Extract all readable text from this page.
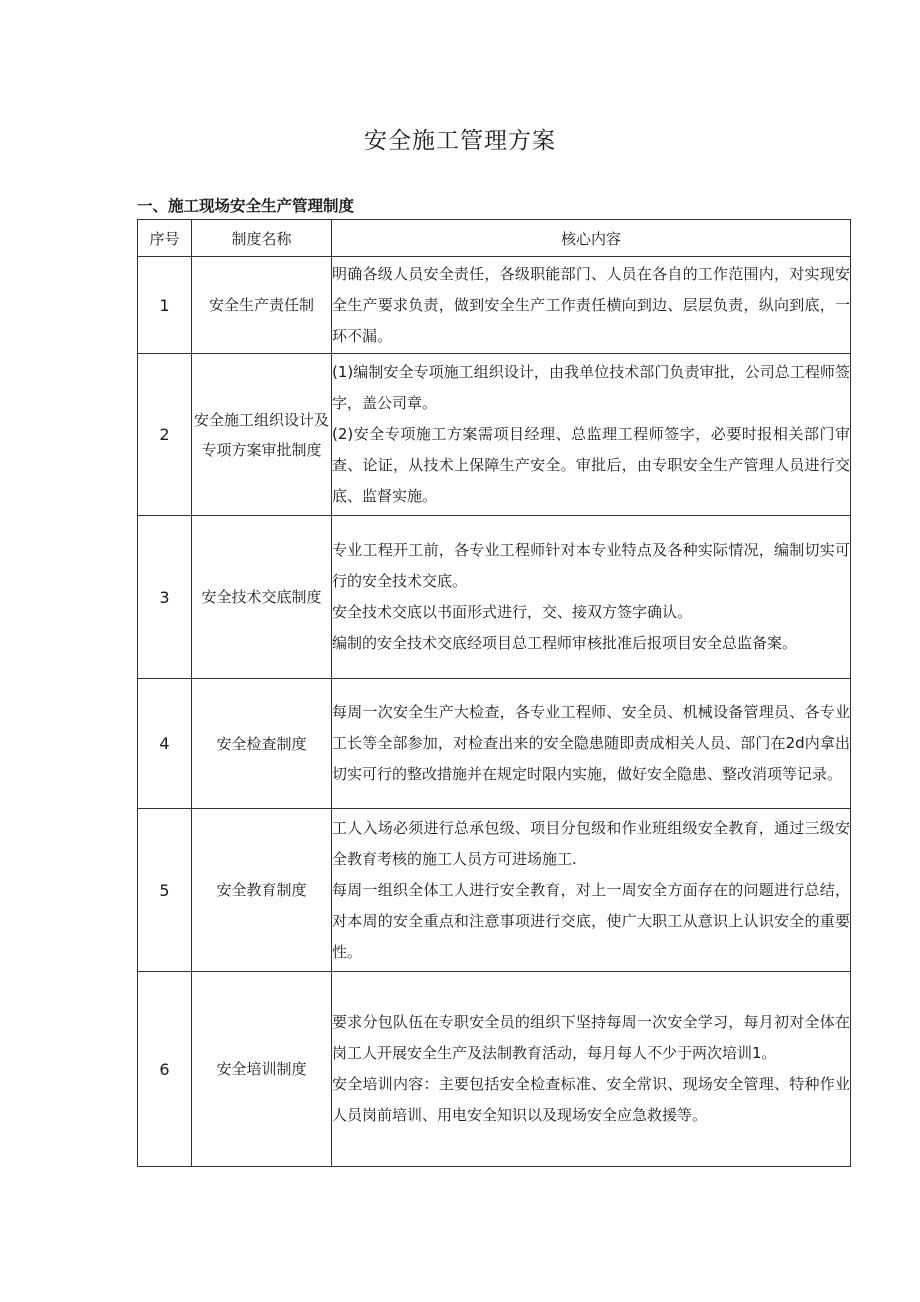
安全施工管理方案
一、施工现场安全生产管理制度
序号	制度名称	核心内容
1	安全生产责任制	明确各级人员安全责任，各级职能部门、人员在各自的工作范围内，对实现安全生产要求负责，做到安全生产工作责任横向到边、层层负责，纵向到底，一环不漏。

2	安全施工组织设计及专项方案审批制度	(1)编制安全专项施工组织设计，由我单位技术部门负责审批，公司总工程师签字，盖公司章。

(2)安全专项施工方案需项目经理、总监理工程师签字，必要时报相关部门审查、论证，从技术上保障生产安全。审批后，由专职安全生产管理人员进行交底、监督实施。

3	安全技术交底制度	专业工程开工前，各专业工程师针对本专业特点及各种实际情况，编制切实可行的安全技术交底。

安全技术交底以书面形式进行，交、接双方签字确认。

编制的安全技术交底经项目总工程师审核批准后报项目安全总监备案。

4	安全检查制度	每周一次安全生产大检查，各专业工程师、安全员、机械设备管理员、各专业工长等全部参加，对检查出来的安全隐患随即责成相关人员、部门在2d内拿出切实可行的整改措施并在规定时限内实施，做好安全隐患、整改消项等记录。

5	安全教育制度	工人入场必须进行总承包级、项目分包级和作业班组级安全教育，通过三级安全教育考核的施工人员方可进场施工.

每周一组织全体工人进行安全教育，对上一周安全方面存在的问题进行总结，对本周的安全重点和注意事项进行交底，使广大职工从意识上认识安全的重要性。

6	安全培训制度	要求分包队伍在专职安全员的组织下坚持每周一次安全学习，每月初对全体在岗工人开展安全生产及法制教育活动，每月每人不少于两次培训1。

安全培训内容：主要包括安全检查标准、安全常识、现场安全管理、特种作业人员岗前培训、用电安全知识以及现场安全应急救援等。
